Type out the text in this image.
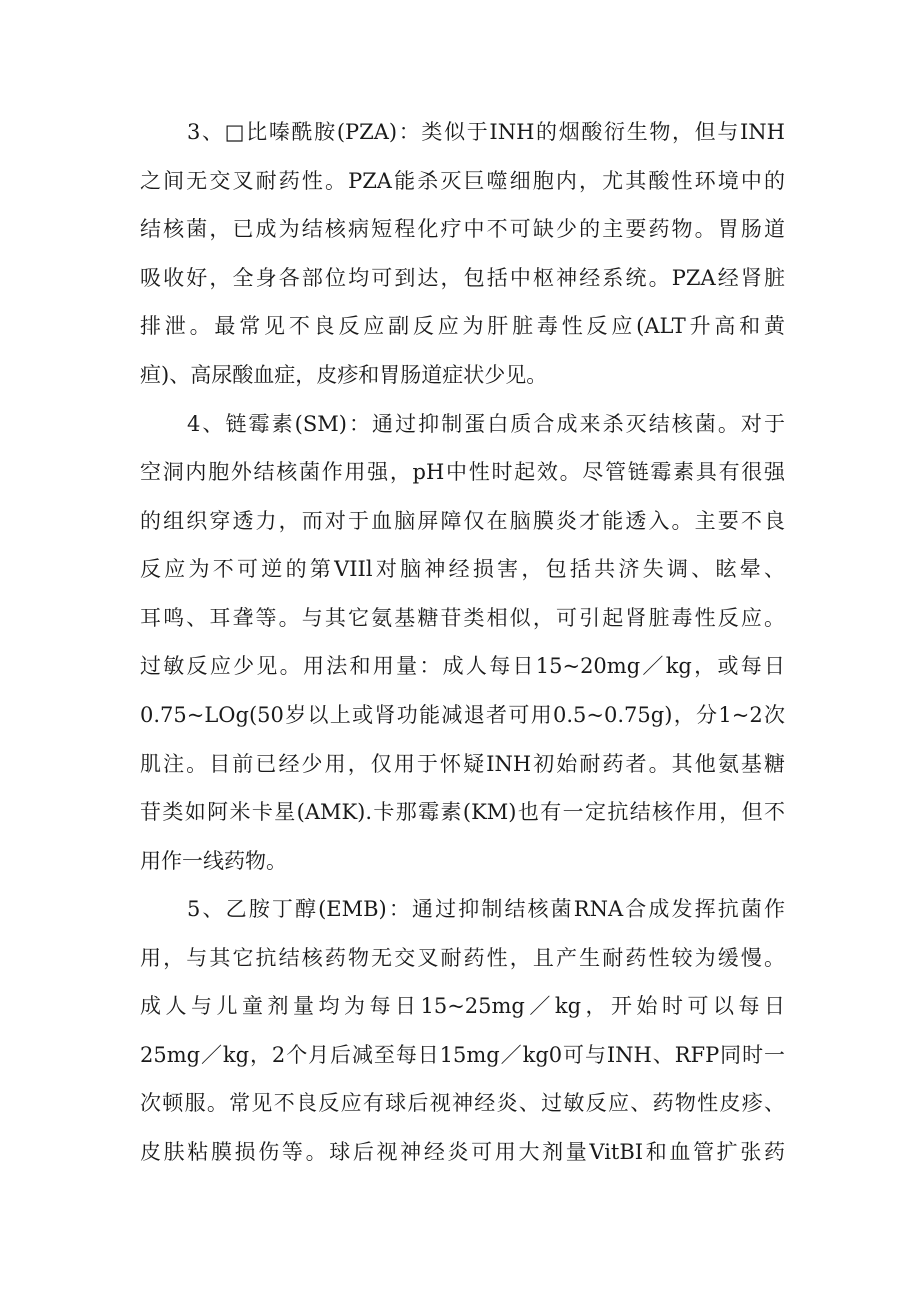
3、□比嗪酰胺(PZA)：类似于INH的烟酸衍生物，但与INH
之间无交叉耐药性。PZA能杀灭巨噬细胞内，尤其酸性环境中的
结核菌，已成为结核病短程化疗中不可缺少的主要药物。胃肠道
吸收好，全身各部位均可到达，包括中枢神经系统。PZA经肾脏
排泄。最常见不良反应副反应为肝脏毒性反应(ALT升高和黄
疸)、高尿酸血症，皮疹和胃肠道症状少见。
4、链霉素(SM)：通过抑制蛋白质合成来杀灭结核菌。对于
空洞内胞外结核菌作用强，pH中性时起效。尽管链霉素具有很强
的组织穿透力，而对于血脑屏障仅在脑膜炎才能透入。主要不良
反应为不可逆的第VIIl对脑神经损害，包括共济失调、眩晕、
耳鸣、耳聋等。与其它氨基糖苷类相似，可引起肾脏毒性反应。
过敏反应少见。用法和用量：成人每日15~20mg／kg，或每日
0.75~LOg(50岁以上或肾功能减退者可用0.5~0.75g)，分1~2次
肌注。目前已经少用，仅用于怀疑INH初始耐药者。其他氨基糖
苷类如阿米卡星(AMK).卡那霉素(KM)也有一定抗结核作用，但不
用作一线药物。
5、乙胺丁醇(EMB)：通过抑制结核菌RNA合成发挥抗菌作
用，与其它抗结核药物无交叉耐药性，且产生耐药性较为缓慢。
成人与儿童剂量均为每日15~25mg／kg，开始时可以每日
25mg／kg，2个月后减至每日15mg／kg0可与INH、RFP同时一
次顿服。常见不良反应有球后视神经炎、过敏反应、药物性皮疹、
皮肤粘膜损伤等。球后视神经炎可用大剂量VitBI和血管扩张药
